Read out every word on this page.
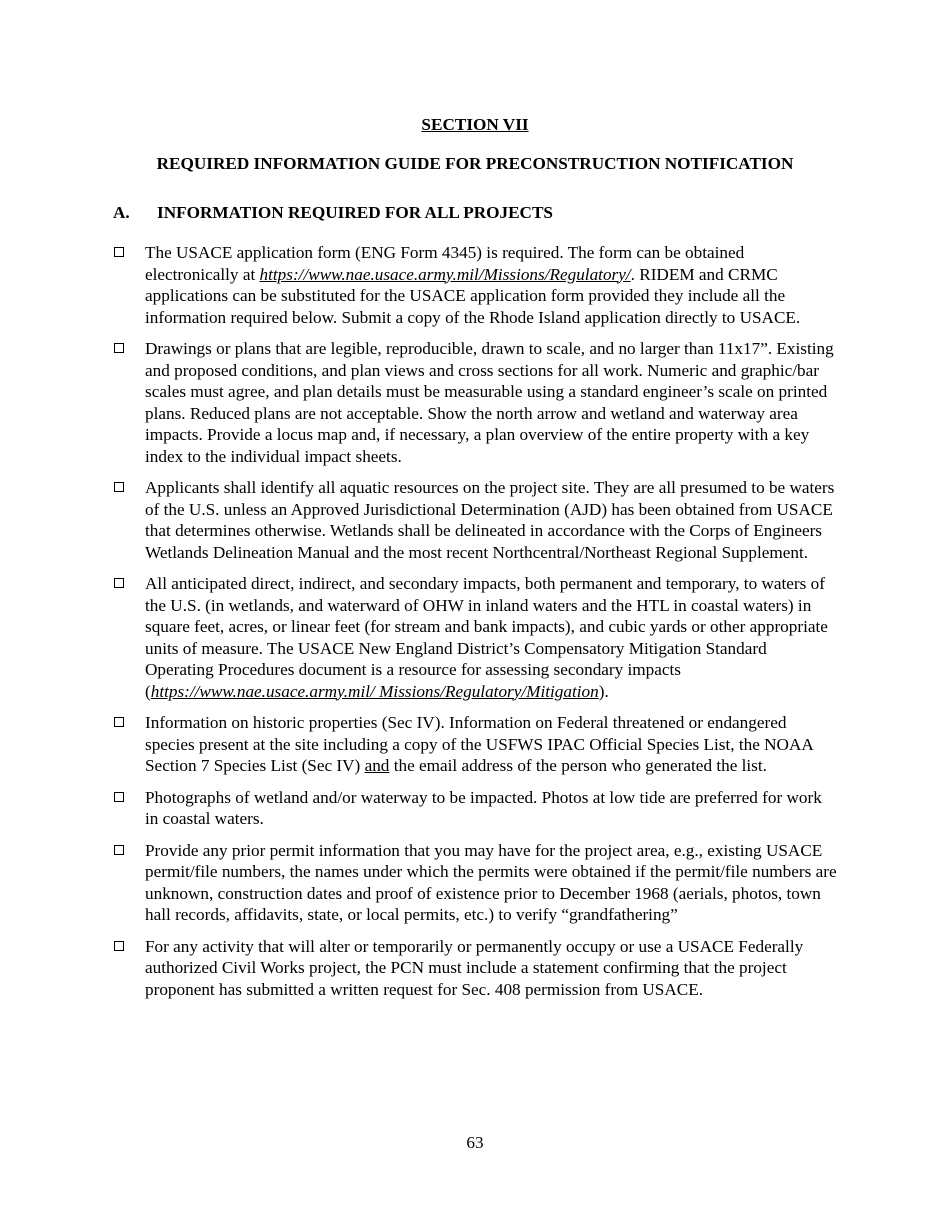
SECTION VII
REQUIRED INFORMATION GUIDE FOR PRECONSTRUCTION NOTIFICATION
A. INFORMATION REQUIRED FOR ALL PROJECTS
The USACE application form (ENG Form 4345) is required. The form can be obtained electronically at https://www.nae.usace.army.mil/Missions/Regulatory/. RIDEM and CRMC applications can be substituted for the USACE application form provided they include all the information required below. Submit a copy of the Rhode Island application directly to USACE.
Drawings or plans that are legible, reproducible, drawn to scale, and no larger than 11x17”. Existing and proposed conditions, and plan views and cross sections for all work. Numeric and graphic/bar scales must agree, and plan details must be measurable using a standard engineer’s scale on printed plans. Reduced plans are not acceptable. Show the north arrow and wetland and waterway area impacts. Provide a locus map and, if necessary, a plan overview of the entire property with a key index to the individual impact sheets.
Applicants shall identify all aquatic resources on the project site. They are all presumed to be waters of the U.S. unless an Approved Jurisdictional Determination (AJD) has been obtained from USACE that determines otherwise. Wetlands shall be delineated in accordance with the Corps of Engineers Wetlands Delineation Manual and the most recent Northcentral/Northeast Regional Supplement.
All anticipated direct, indirect, and secondary impacts, both permanent and temporary, to waters of the U.S. (in wetlands, and waterward of OHW in inland waters and the HTL in coastal waters) in square feet, acres, or linear feet (for stream and bank impacts), and cubic yards or other appropriate units of measure. The USACE New England District’s Compensatory Mitigation Standard Operating Procedures document is a resource for assessing secondary impacts (https://www.nae.usace.army.mil/ Missions/Regulatory/Mitigation).
Information on historic properties (Sec IV). Information on Federal threatened or endangered species present at the site including a copy of the USFWS IPAC Official Species List, the NOAA Section 7 Species List (Sec IV) and the email address of the person who generated the list.
Photographs of wetland and/or waterway to be impacted. Photos at low tide are preferred for work in coastal waters.
Provide any prior permit information that you may have for the project area, e.g., existing USACE permit/file numbers, the names under which the permits were obtained if the permit/file numbers are unknown, construction dates and proof of existence prior to December 1968 (aerials, photos, town hall records, affidavits, state, or local permits, etc.) to verify “grandfathering”
For any activity that will alter or temporarily or permanently occupy or use a USACE Federally authorized Civil Works project, the PCN must include a statement confirming that the project proponent has submitted a written request for Sec. 408 permission from USACE.
63
